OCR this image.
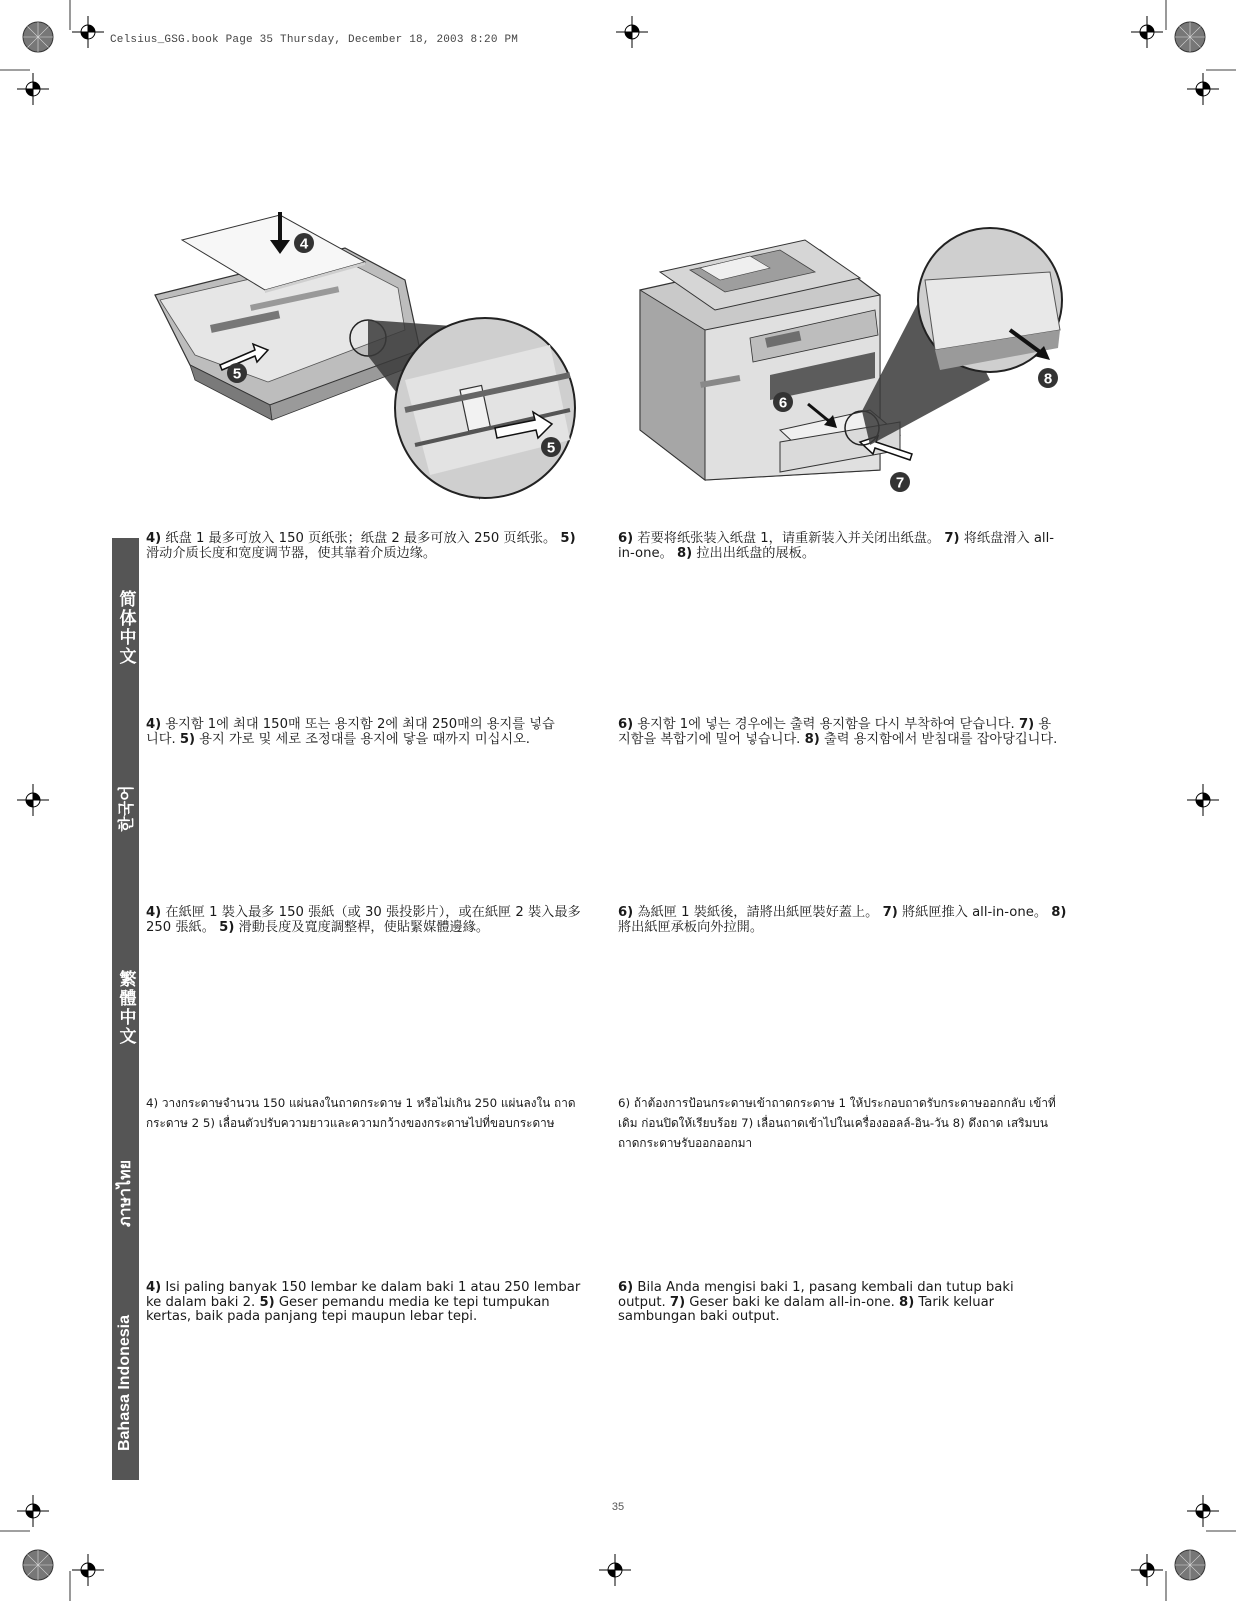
Celsius_GSG.book Page 35 Thursday, December 18, 2003 8:20 PM
4
5
5
6
7
8
简体中文
한국어
繁體中文
ภาษาไทย
Bahasa Indonesia
4) 纸盘 1 最多可放入 150 页纸张；纸盘 2 最多可放入 250 页纸张。 5) 滑动介质长度和宽度调节器，使其靠着介质边缘。
6) 若要将纸张装入纸盘 1，请重新装入并关闭出纸盘。 7) 将纸盘滑入 all-in-one。 8) 拉出出纸盘的展板。
4) 용지함 1에 최대 150매 또는 용지함 2에 최대 250매의 용지를 넣습니다. 5) 용지 가로 및 세로 조정대를 용지에 닿을 때까지 미십시오.
6) 용지함 1에 넣는 경우에는 출력 용지함을 다시 부착하여 닫습니다. 7) 용지함을 복합기에 밀어 넣습니다. 8) 출력 용지함에서 받침대를 잡아당깁니다.
4) 在紙匣 1 裝入最多 150 張紙（或 30 張投影片），或在紙匣 2 裝入最多 250 張紙。 5) 滑動長度及寬度調整桿，使貼緊媒體邊緣。
6) 為紙匣 1 裝紙後，請將出紙匣裝好蓋上。 7) 將紙匣推入 all-in-one。 8) 將出紙匣承板向外拉開。
4) วางกระดาษจำนวน 150 แผ่นลงในถาดกระดาษ 1 หรือไม่เกิน 250 แผ่นลงใน ถาดกระดาษ 2 5) เลื่อนตัวปรับความยาวและความกว้างของกระดาษไปที่ขอบกระดาษ
6) ถ้าต้องการป้อนกระดาษเข้าถาดกระดาษ 1 ให้ประกอบถาดรับกระดาษออกกลับ เข้าที่เดิม ก่อนปิดให้เรียบร้อย 7) เลื่อนถาดเข้าไปในเครื่องออลล์-อิน-วัน 8) ดึงถาด เสริมบนถาดกระดาษรับออกออกมา
4) Isi paling banyak 150 lembar ke dalam baki 1 atau 250 lembar ke dalam baki 2. 5) Geser pemandu media ke tepi tumpukan kertas, baik pada panjang tepi maupun lebar tepi.
6) Bila Anda mengisi baki 1, pasang kembali dan tutup baki output. 7) Geser baki ke dalam all-in-one. 8) Tarik keluar sambungan baki output.
35
